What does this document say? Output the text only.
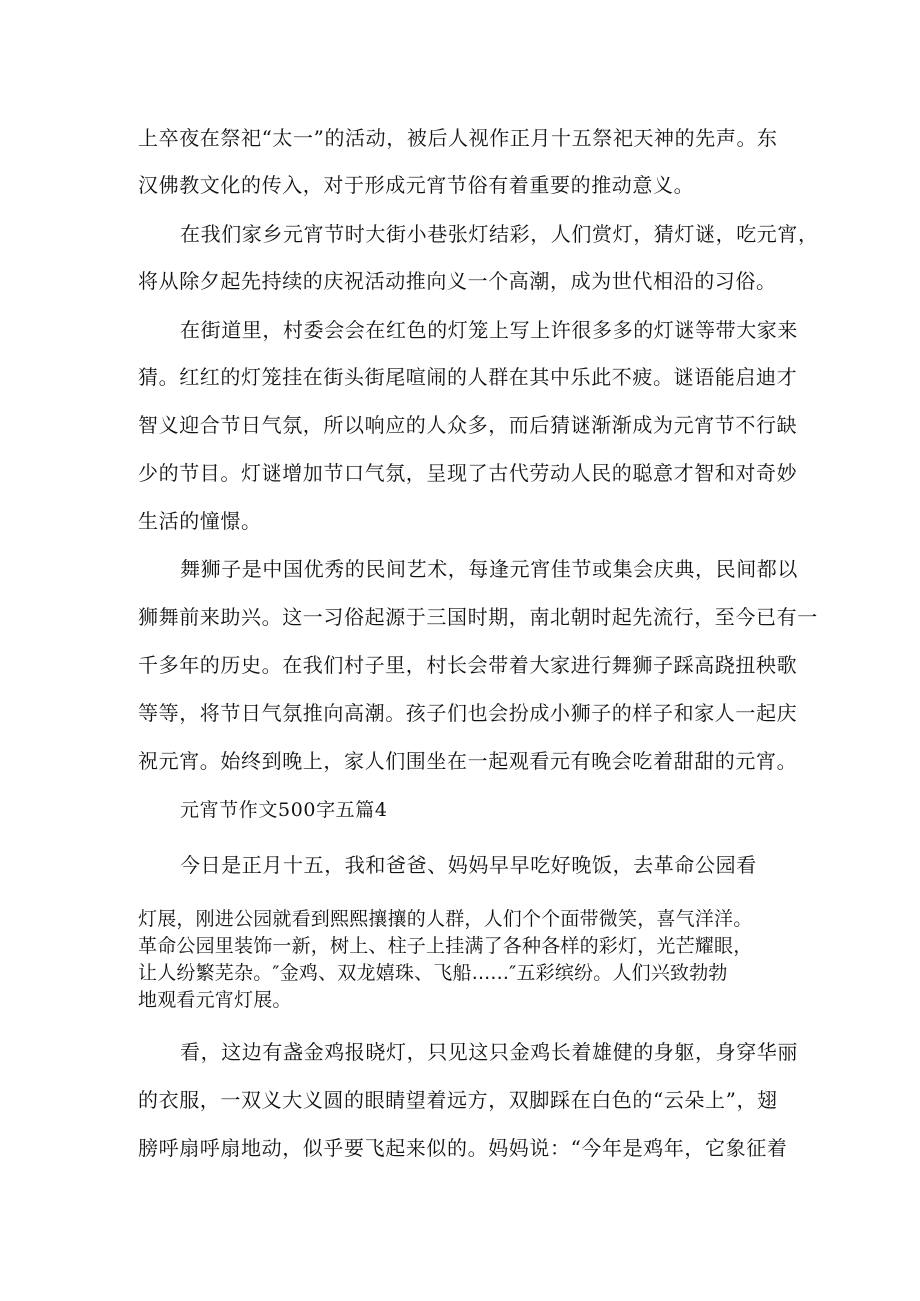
上卒夜在祭祀“太一”的活动，被后人视作正月十五祭祀天神的先声。东
汉佛教文化的传入，对于形成元宵节俗有着重要的推动意义。
在我们家乡元宵节时大街小巷张灯结彩，人们赏灯，猜灯谜，吃元宵，
将从除夕起先持续的庆祝活动推向义一个高潮，成为世代相沿的习俗。
在街道里，村委会会在红色的灯笼上写上许很多多的灯谜等带大家来
猜。红红的灯笼挂在街头街尾喧闹的人群在其中乐此不疲。谜语能启迪才
智义迎合节日气氛，所以响应的人众多，而后猜谜渐渐成为元宵节不行缺
少的节目。灯谜增加节口气氛，呈现了古代劳动人民的聪意才智和对奇妙
生活的憧憬。
舞狮子是中国优秀的民间艺术，每逢元宵佳节或集会庆典，民间都以
狮舞前来助兴。这一习俗起源于三国时期，南北朝时起先流行，至今已有一
千多年的历史。在我们村子里，村长会带着大家进行舞狮子踩高跷扭秧歌
等等，将节日气氛推向高潮。孩子们也会扮成小狮子的样子和家人一起庆
祝元宵。始终到晚上，家人们围坐在一起观看元有晚会吃着甜甜的元宵。
元宵节作文500字五篇4
今日是正月十五，我和爸爸、妈妈早早吃好晚饭，去革命公园看
灯展，刚进公园就看到熙熙攘攘的人群，人们个个面带微笑，喜气洋洋。
革命公园里装饰一新，树上、柱子上挂满了各种各样的彩灯，光芒耀眼，
让人纷繁芜杂。″金鸡、双龙嬉珠、飞船......″五彩缤纷。人们兴致勃勃
地观看元宵灯展。
看，这边有盏金鸡报晓灯，只见这只金鸡长着雄健的身躯，身穿华丽
的衣服，一双义大义圆的眼睛望着远方，双脚踩在白色的“云朵上”，翅
膀呼扇呼扇地动，似乎要飞起来似的。妈妈说：“今年是鸡年，它象征着
